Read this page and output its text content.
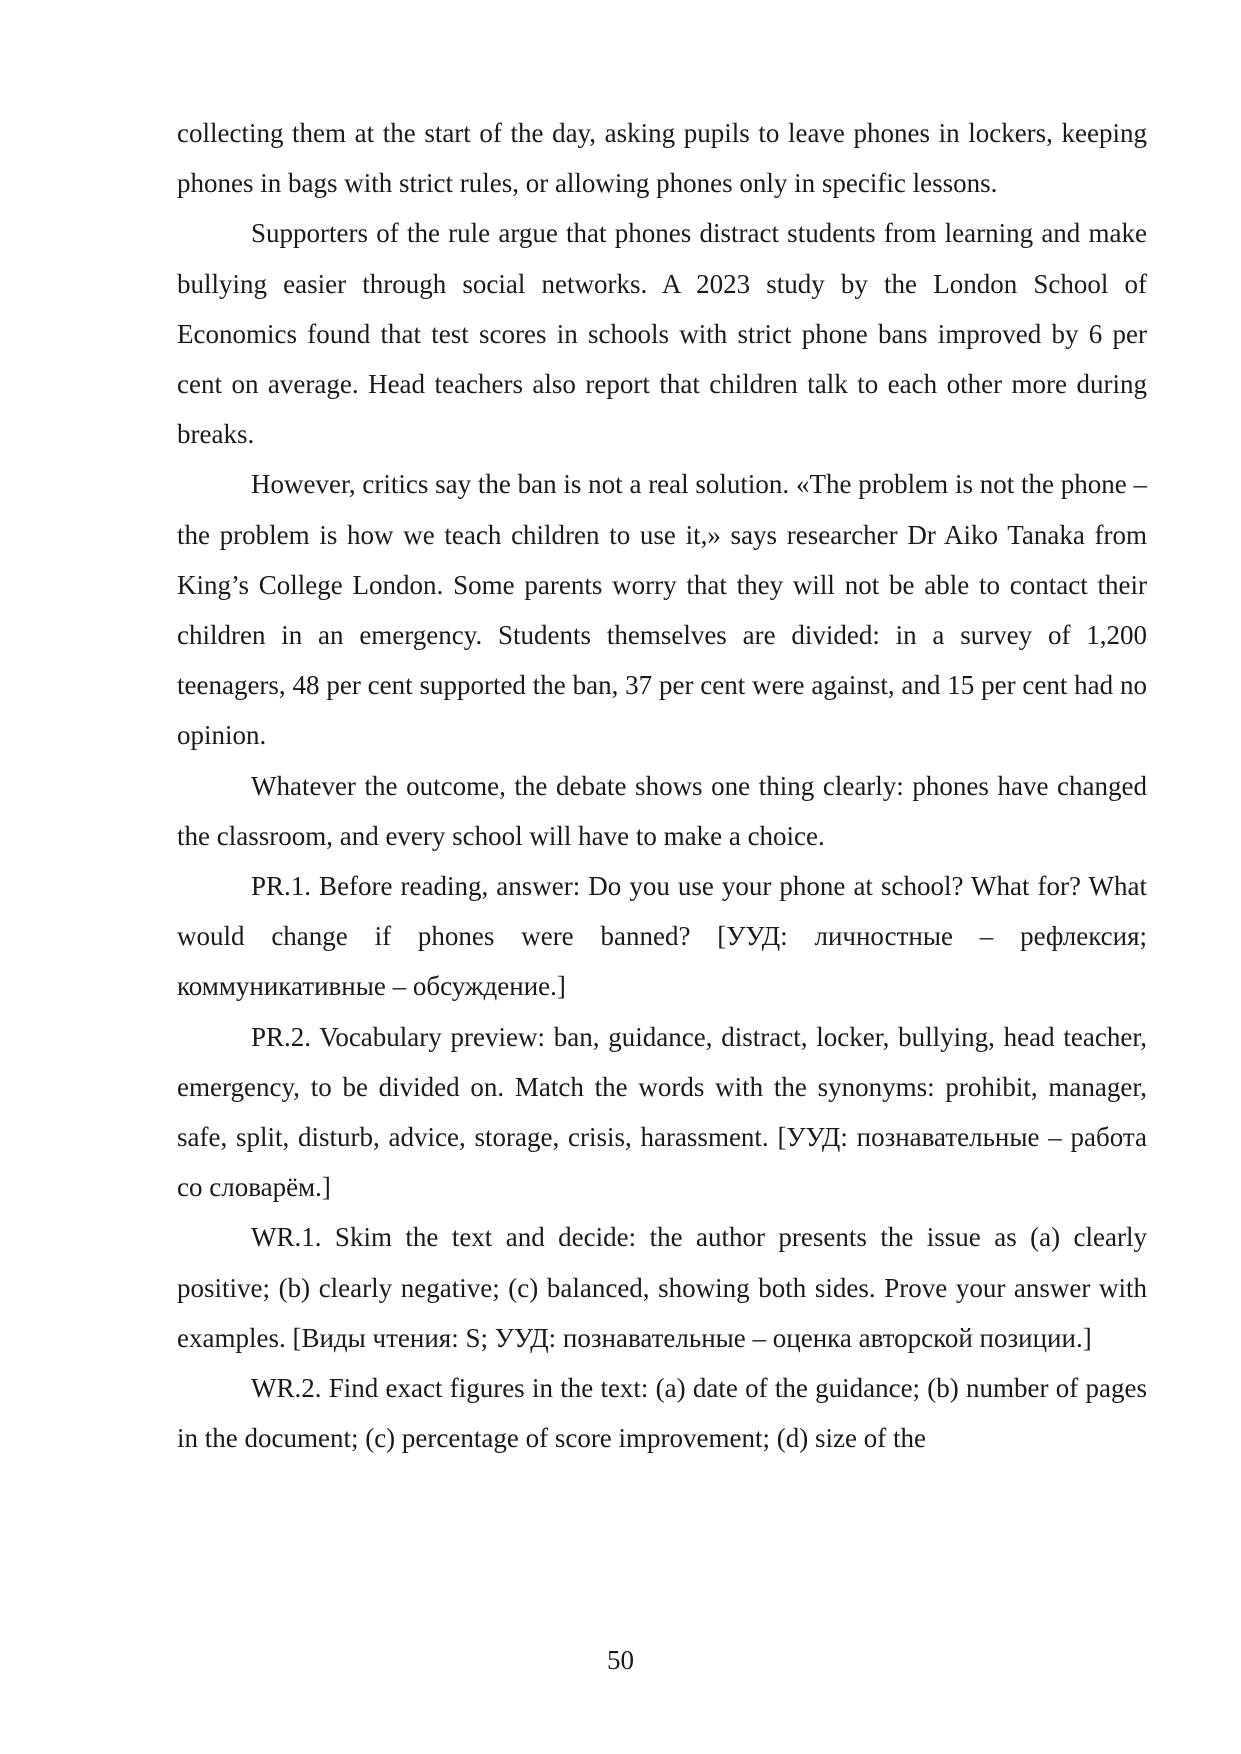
collecting them at the start of the day, asking pupils to leave phones in lockers, keeping phones in bags with strict rules, or allowing phones only in specific lessons.

Supporters of the rule argue that phones distract students from learning and make bullying easier through social networks. A 2023 study by the London School of Economics found that test scores in schools with strict phone bans improved by 6 per cent on average. Head teachers also report that children talk to each other more during breaks.

However, critics say the ban is not a real solution. «The problem is not the phone – the problem is how we teach children to use it,» says researcher Dr Aiko Tanaka from King’s College London. Some parents worry that they will not be able to contact their children in an emergency. Students themselves are divided: in a survey of 1,200 teenagers, 48 per cent supported the ban, 37 per cent were against, and 15 per cent had no opinion.

Whatever the outcome, the debate shows one thing clearly: phones have changed the classroom, and every school will have to make a choice.

PR.1. Before reading, answer: Do you use your phone at school? What for? What would change if phones were banned? [УУД: личностные – рефлексия; коммуникативные – обсуждение.]

PR.2. Vocabulary preview: ban, guidance, distract, locker, bullying, head teacher, emergency, to be divided on. Match the words with the synonyms: prohibit, manager, safe, split, disturb, advice, storage, crisis, harassment. [УУД: познавательные – работа со словарём.]

WR.1. Skim the text and decide: the author presents the issue as (a) clearly positive; (b) clearly negative; (c) balanced, showing both sides. Prove your answer with examples. [Виды чтения: S; УУД: познавательные – оценка авторской позиции.]

WR.2. Find exact figures in the text: (a) date of the guidance; (b) number of pages in the document; (c) percentage of score improvement; (d) size of the

50
